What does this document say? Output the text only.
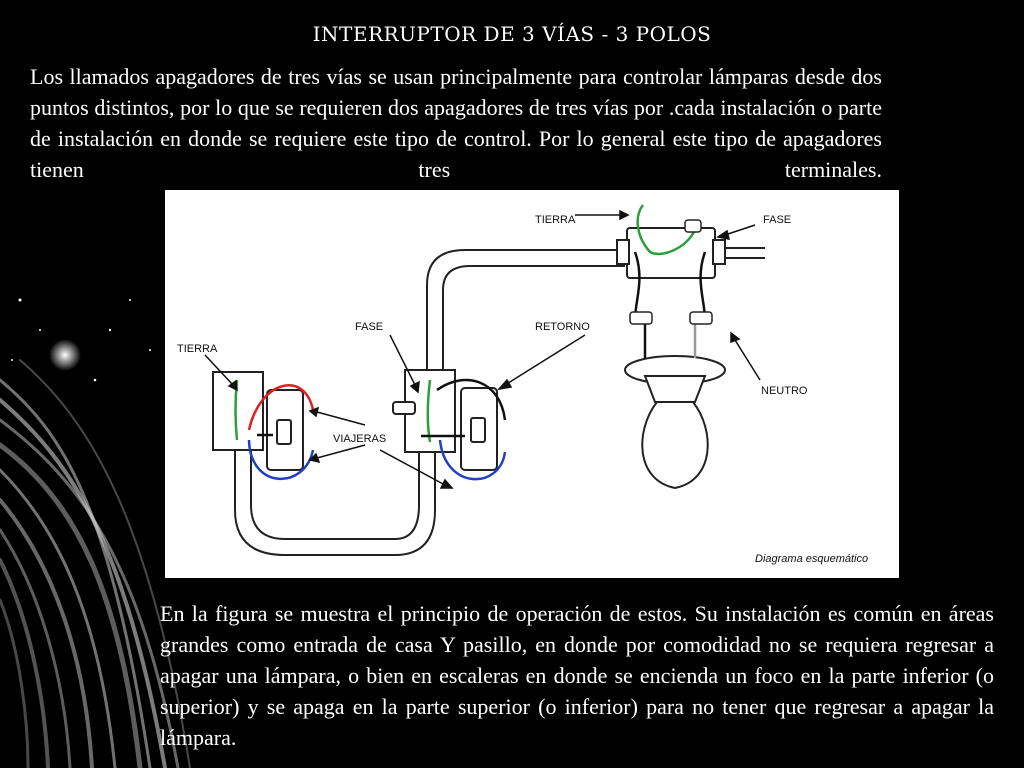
INTERRUPTOR DE 3 VÍAS - 3 POLOS

Los llamados apagadores de tres vías se usan principalmente para controlar lámparas desde dos puntos distintos, por lo que se requieren dos apagadores de tres vías por .cada instalación o parte de instalación en donde se requiere este tipo de control. Por lo general este tipo de apagadores tienen tres terminales.

TIERRA	FASE
RETORNO
NEUTRO
FASE
TIERRA
VIAJERAS
Diagrama esquemático

En la figura se muestra el principio de operación de estos. Su instalación es común en áreas grandes como entrada de casa Y pasillo, en donde por comodidad no se requiera regresar a apagar una lámpara, o bien en escaleras en donde se encienda un foco en la parte inferior (o superior) y se apaga en la parte superior (o inferior) para no tener que regresar a apagar la lámpara.
